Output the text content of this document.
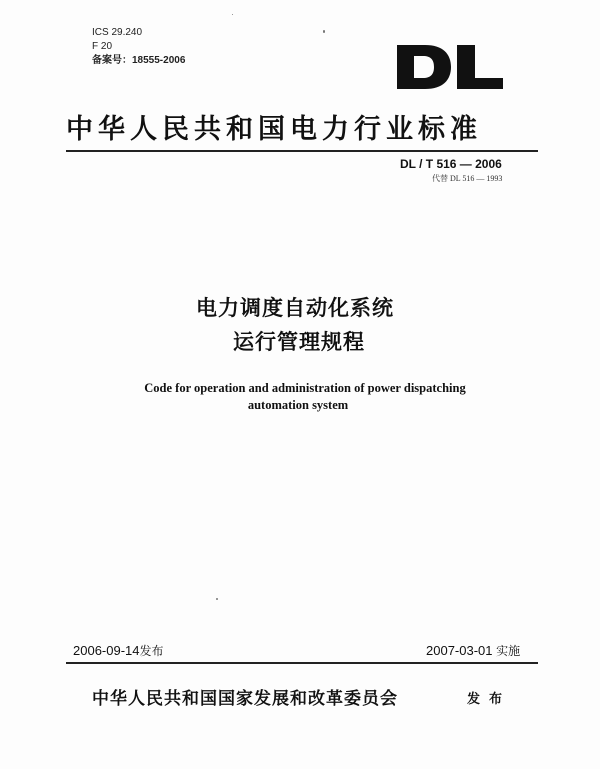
ICS 29.240
F 20
备案号：18555-2006
中华人民共和国电力行业标准
DL / T 516 — 2006
代替 DL 516 — 1993
电力调度自动化系统
运行管理规程
Code for operation and administration of power dispatching
automation system
2006-09-14发布	2007-03-01 实施
中华人民共和国国家发展和改革委员会	发布
